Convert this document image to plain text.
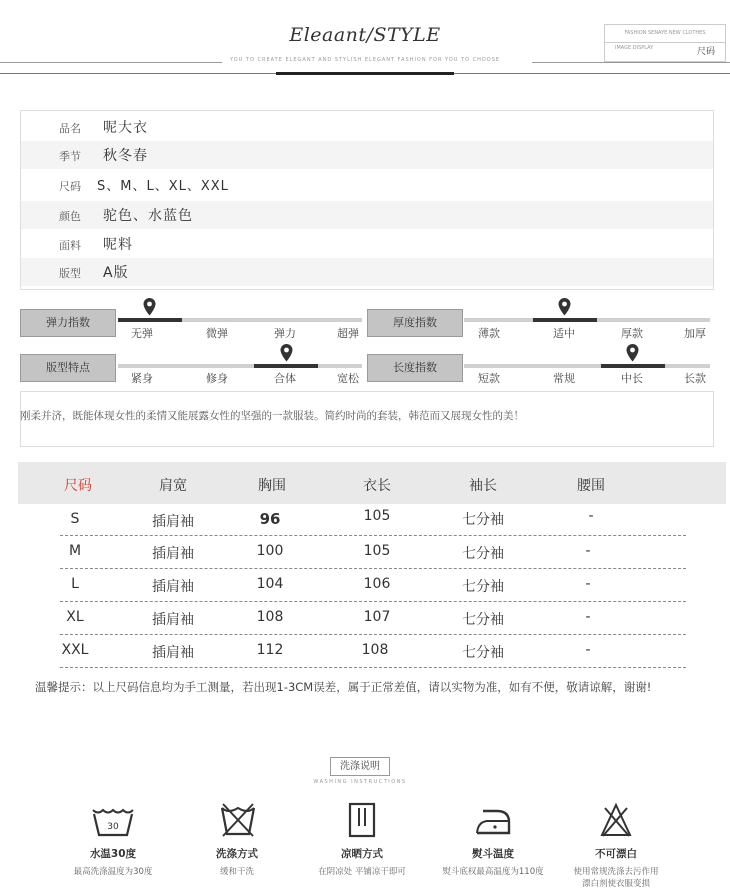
Eleaant/STYLE
YOU TO CREATE ELEGANT AND STYLISH ELEGANT FASHION FOR YOU TO CHOOSE
FASHION SENAYE NEW CLOTHES
IMAGE DISPLAY	尺码
品名 呢大衣
季节 秋冬春
尺码 S、M、L、XL、XXL
颜色 驼色、水蓝色
面料 呢料
版型 A版
弹力指数
无弹	微弹	弹力	超弹
厚度指数
薄款	适中	厚款	加厚
版型特点
紧身	修身	合体	宽松
长度指数
短款	常规	中长	长款
刚柔并济，既能体现女性的柔情又能展露女性的坚强的一款服装。简约时尚的套装，韩范而又展现女性的美！
尺码	肩宽	胸围	衣长	袖长	腰围
S	插肩袖	96	105	七分袖	-
M	插肩袖	100	105	七分袖	-
L	插肩袖	104	106	七分袖	-
XL	插肩袖	108	107	七分袖	-
XXL	插肩袖	112	108	七分袖	-
温馨提示：以上尺码信息均为手工测量，若出现1-3CM误差，属于正常差值，请以实物为准，如有不便，敬请谅解，谢谢!
洗涤说明
WASHING INSTRUCTIONS
30
水温30度
最高洗涤温度为30度
洗涤方式
缓和干洗
凉晒方式
在阴凉处 平铺凉干即可
熨斗温度
熨斗底权最高温度为110度
不可漂白
使用常规洗涤去污作用
漂白剂使衣服变损
